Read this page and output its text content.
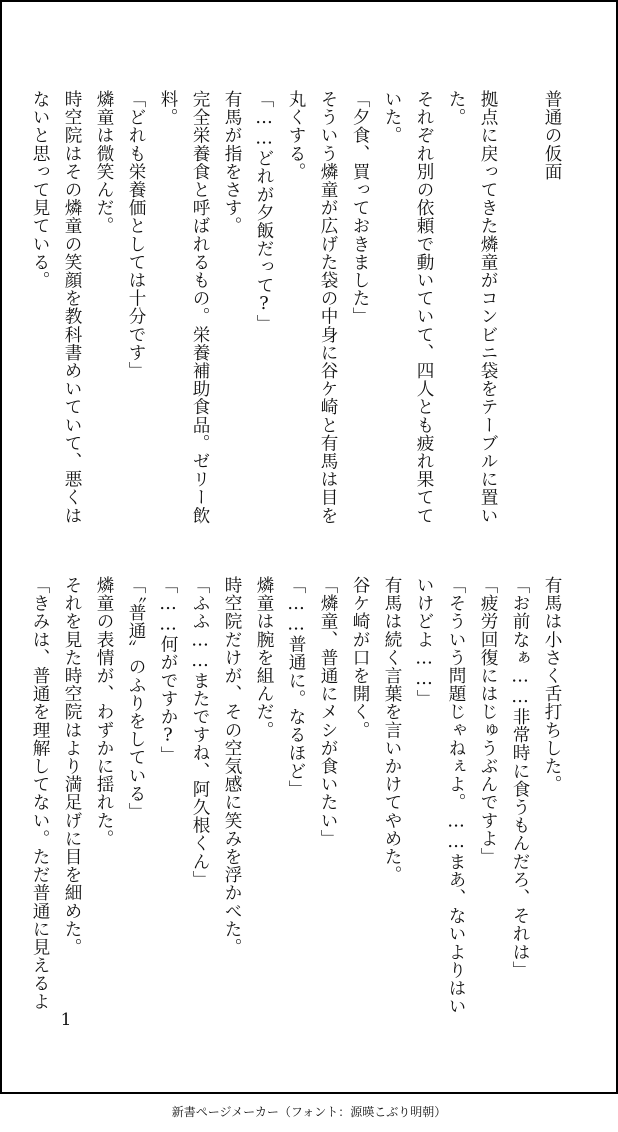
普通の仮面
拠点に戻ってきた燐童がコンビニ袋をテーブルに置い
た。
それぞれ別の依頼で動いていて、四人とも疲れ果てて
いた。
「夕食、買っておきました」
そういう燐童が広げた袋の中身に谷ケ崎と有馬は目を
丸くする。
「……どれが夕飯だって?」
有馬が指をさす。
完全栄養食と呼ばれるもの。栄養補助食品。ゼリー飲
料。
「どれも栄養価としては十分です」
燐童は微笑んだ。
時空院はその燐童の笑顔を教科書めいていて、悪くは
ないと思って見ている。
有馬は小さく舌打ちした。
「お前なぁ……非常時に食うもんだろ、それは」
「疲労回復にはじゅうぶんですよ」
「そういう問題じゃねぇよ。……まあ、ないよりはい
いけどよ……」
有馬は続く言葉を言いかけてやめた。
谷ケ崎が口を開く。
「燐童、普通にメシが食いたい」
「……普通に。なるほど」
燐童は腕を組んだ。
時空院だけが、その空気感に笑みを浮かべた。
「ふふ……またですね、阿久根くん」
「……何がですか?」
「〝普通〟のふりをしている」
燐童の表情が、わずかに揺れた。
それを見た時空院はより満足げに目を細めた。
「きみは、普通を理解してない。ただ普通に見えるよ
1
新書ページメーカー（フォント：源暎こぶり明朝）
